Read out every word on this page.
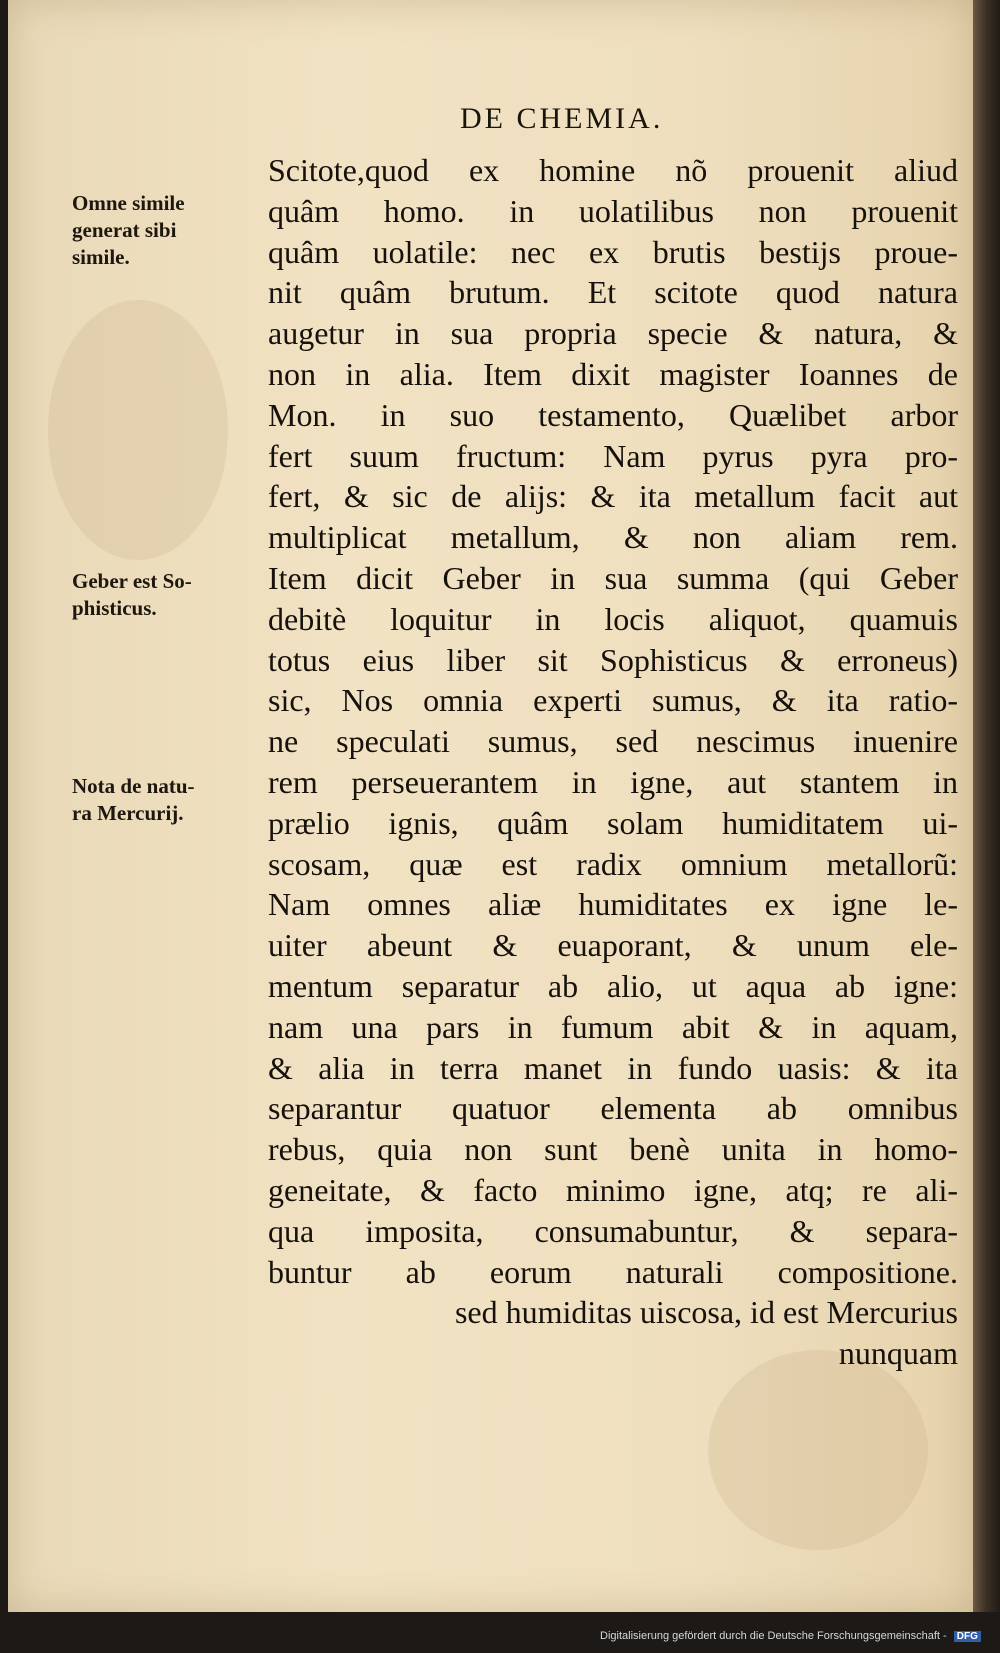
DE CHEMIA.
Omne simile
generat sibi
simile.
Geber est So-
phisticus.
Nota de natu-
ra Mercurij.
Scitote,quod ex homine nõ prouenit aliud
quâm homo. in uolatilibus non prouenit
quâm uolatile: nec ex brutis bestijs proue-
nit quâm brutum. Et scitote quod natura
augetur in sua propria specie & natura, &
non in alia. Item dixit magister Ioannes de
Mon. in suo testamento, Quælibet arbor
fert suum fructum: Nam pyrus pyra pro-
fert, & sic de alijs: & ita metallum facit aut
multiplicat metallum, & non aliam rem.
Item dicit Geber in sua summa (qui Geber
debitè loquitur in locis aliquot, quamuis
totus eius liber sit Sophisticus & erroneus)
sic, Nos omnia experti sumus, & ita ratio-
ne speculati sumus, sed nescimus inuenire
rem perseuerantem in igne, aut stantem in
prælio ignis, quâm solam humiditatem ui-
scosam, quæ est radix omnium metallorũ:
Nam omnes aliæ humiditates ex igne le-
uiter abeunt & euaporant, & unum ele-
mentum separatur ab alio, ut aqua ab igne:
nam una pars in fumum abit & in aquam,
& alia in terra manet in fundo uasis: & ita
separantur quatuor elementa ab omnibus
rebus, quia non sunt benè unita in homo-
geneitate, & facto minimo igne, atq; re ali-
qua imposita, consumabuntur, & separa-
buntur ab eorum naturali compositione.
sed humiditas uiscosa, id est Mercurius
nunquam
Digitalisierung gefördert durch die Deutsche Forschungsgemeinschaft - DFG
